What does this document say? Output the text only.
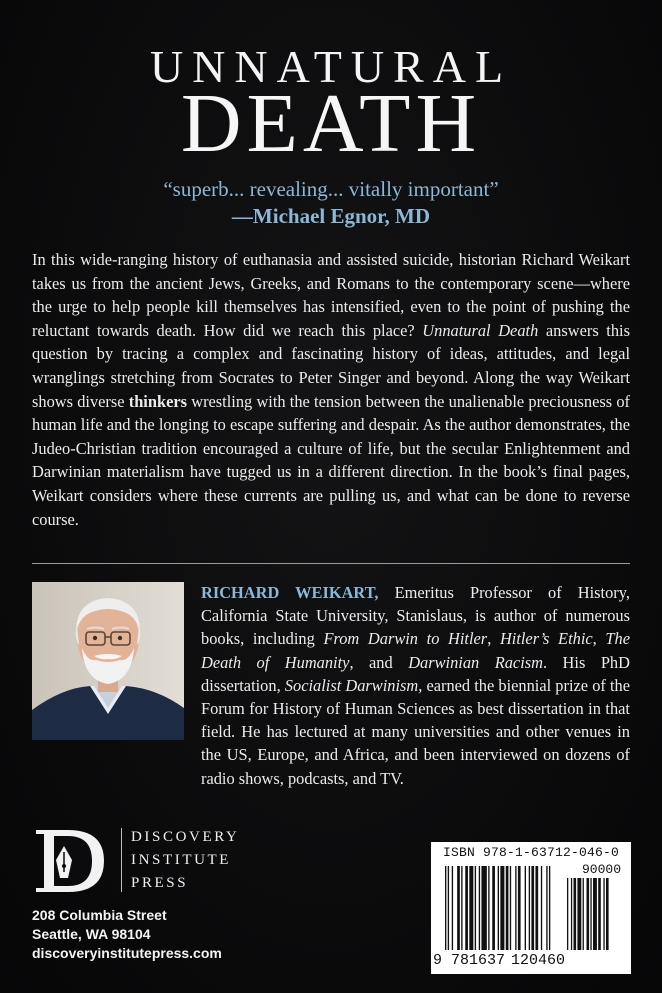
UNNATURAL
DEATH
“superb... revealing... vitally important”
—Michael Egnor, MD
In this wide-ranging history of euthanasia and assisted suicide, historian Richard Weikart takes us from the ancient Jews, Greeks, and Romans to the contemporary scene—where the urge to help people kill themselves has intensified, even to the point of pushing the reluctant towards death. How did we reach this place? Unnatural Death answers this question by tracing a complex and fascinating history of ideas, attitudes, and legal wranglings stretching from Socrates to Peter Singer and beyond. Along the way Weikart shows diverse thinkers wrestling with the tension between the unalienable preciousness of human life and the longing to escape suffering and despair. As the author demonstrates, the Judeo-Christian tradition encouraged a culture of life, but the secular Enlightenment and Darwinian materialism have tugged us in a different direction. In the book’s final pages, Weikart considers where these currents are pulling us, and what can be done to reverse course.
RICHARD WEIKART, Emeritus Professor of History, California State University, Stanislaus, is author of numerous books, including From Darwin to Hitler, Hitler’s Ethic, The Death of Humanity, and Darwinian Racism. His PhD dissertation, Socialist Darwinism, earned the biennial prize of the Forum for History of Human Sciences as best dissertation in that field. He has lectured at many universities and other venues in the US, Europe, and Africa, and been interviewed on dozens of radio shows, podcasts, and TV.
DISCOVERY
INSTITUTE
PRESS
208 Columbia Street
Seattle, WA 98104
discoveryinstitutepress.com
ISBN 978-1-63712-046-0
90000
9 781637 120460
